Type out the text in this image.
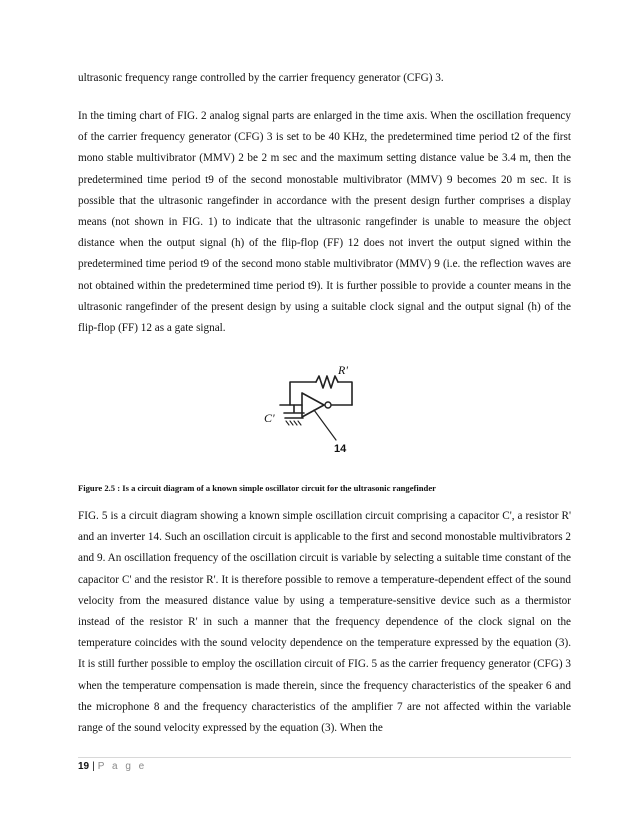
ultrasonic frequency range controlled by the carrier frequency generator (CFG) 3.

In the timing chart of FIG. 2 analog signal parts are enlarged in the time axis. When the oscillation frequency of the carrier frequency generator (CFG) 3 is set to be 40 KHz, the predetermined time period t2 of the first mono stable multivibrator (MMV) 2 be 2 m sec and the maximum setting distance value be 3.4 m, then the predetermined time period t9 of the second monostable multivibrator (MMV) 9 becomes 20 m sec. It is possible that the ultrasonic rangefinder in accordance with the present design further comprises a display means (not shown in FIG. 1) to indicate that the ultrasonic rangefinder is unable to measure the object distance when the output signal (h) of the flip-flop (FF) 12 does not invert the output signed within the predetermined time period t9 of the second mono stable multivibrator (MMV) 9 (i.e. the reflection waves are not obtained within the predetermined time period t9). It is further possible to provide a counter means in the ultrasonic rangefinder of the present design by using a suitable clock signal and the output signal (h) of the flip-flop (FF) 12 as a gate signal.

R'
C'
14

Figure 2.5 : Is a circuit diagram of a known simple oscillator circuit for the ultrasonic rangefinder

FIG. 5 is a circuit diagram showing a known simple oscillation circuit comprising a capacitor C', a resistor R' and an inverter 14. Such an oscillation circuit is applicable to the first and second monostable multivibrators 2 and 9. An oscillation frequency of the oscillation circuit is variable by selecting a suitable time constant of the capacitor C' and the resistor R'. It is therefore possible to remove a temperature-dependent effect of the sound velocity from the measured distance value by using a temperature-sensitive device such as a thermistor instead of the resistor R' in such a manner that the frequency dependence of the clock signal on the temperature coincides with the sound velocity dependence on the temperature expressed by the equation (3). It is still further possible to employ the oscillation circuit of FIG. 5 as the carrier frequency generator (CFG) 3 when the temperature compensation is made therein, since the frequency characteristics of the speaker 6 and the microphone 8 and the frequency characteristics of the amplifier 7 are not affected within the variable range of the sound velocity expressed by the equation (3). When the

19 | P a g e
